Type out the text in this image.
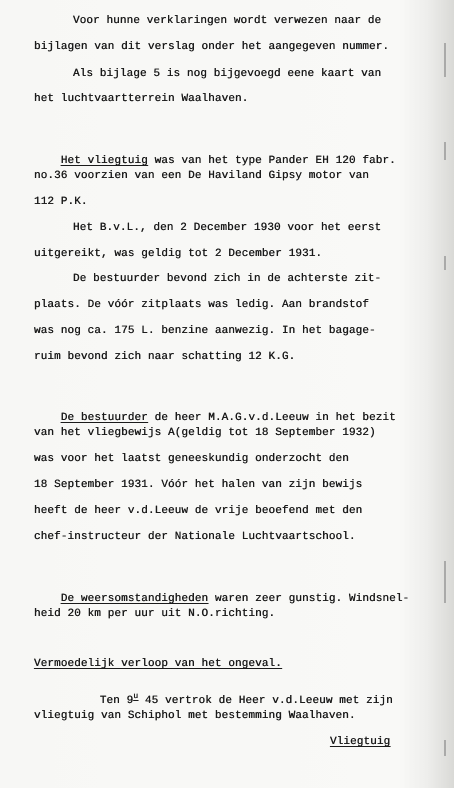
Voor hunne verklaringen wordt verwezen naar de
bijlagen van dit verslag onder het aangegeven nummer.
Als bijlage 5 is nog bijgevoegd eene kaart van
het luchtvaartterrein Waalhaven.

Het vliegtuig was van het type Pander EH 120 fabr.

no.36 voorzien van een De Haviland Gipsy motor van
112 P.K.
Het B.v.L., den 2 December 1930 voor het eerst
uitgereikt, was geldig tot 2 December 1931.
De bestuurder bevond zich in de achterste zit-
plaats. De vóór zitplaats was ledig. Aan brandstof
was nog ca. 175 L. benzine aanwezig. In het bagage-
ruim bevond zich naar schatting 12 K.G.

De bestuurder de heer M.A.G.v.d.Leeuw in het bezit

van het vliegbewijs A(geldig tot 18 September 1932)
was voor het laatst geneeskundig onderzocht den
18 September 1931. Vóór het halen van zijn bewijs
heeft de heer v.d.Leeuw de vrije beoefend met den
chef-instructeur der Nationale Luchtvaartschool.

De weersomstandigheden waren zeer gunstig. Windsnel-

heid 20 km per uur uit N.O.richting.
Vermoedelijk verloop van het ongeval.

Ten 9$^u$ 45 vertrok de Heer v.d.Leeuw met zijn

vliegtuig van Schiphol met bestemming Waalhaven.
Vliegtuig
